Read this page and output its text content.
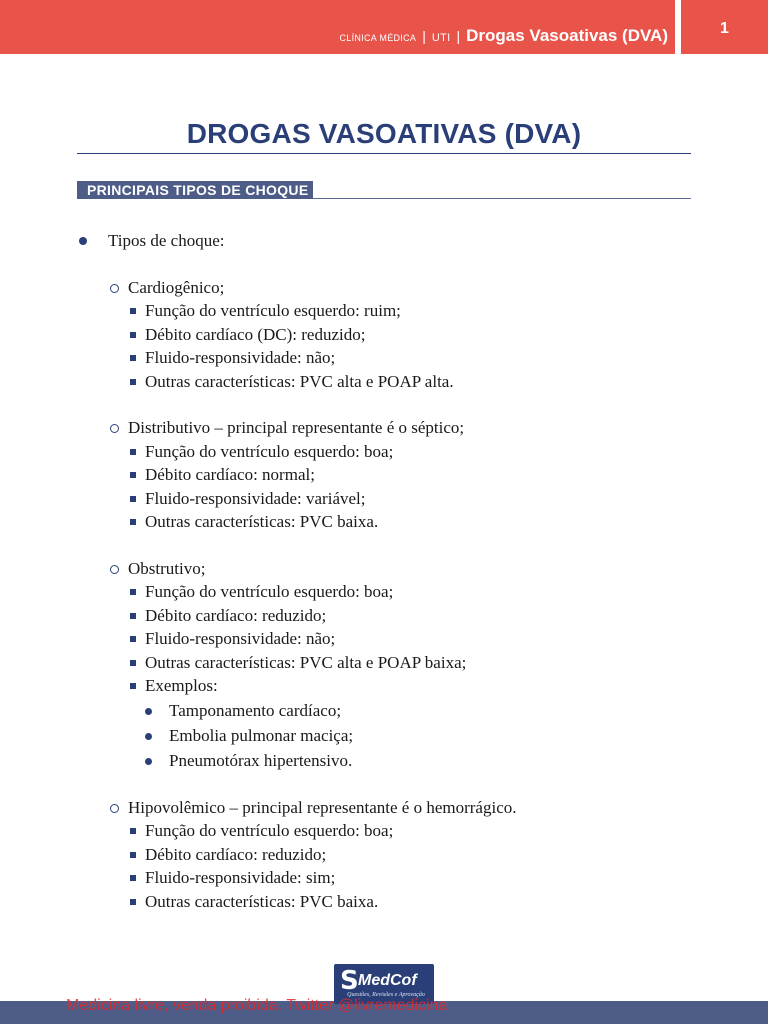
CLÍNICA MÉDICA | UTI | Drogas Vasoativas (DVA)	1
DROGAS VASOATIVAS (DVA)
PRINCIPAIS TIPOS DE CHOQUE
Tipos de choque:
Cardiogênico;
Função do ventrículo esquerdo: ruim;
Débito cardíaco (DC): reduzido;
Fluido-responsividade: não;
Outras características: PVC alta e POAP alta.
Distributivo – principal representante é o séptico;
Função do ventrículo esquerdo: boa;
Débito cardíaco: normal;
Fluido-responsividade: variável;
Outras características: PVC baixa.
Obstrutivo;
Função do ventrículo esquerdo: boa;
Débito cardíaco: reduzido;
Fluido-responsividade: não;
Outras características: PVC alta e POAP baixa;
Exemplos:
Tamponamento cardíaco;
Embolia pulmonar maciça;
Pneumotórax hipertensivo.
Hipovolêmico – principal representante é o hemorrágico.
Função do ventrículo esquerdo: boa;
Débito cardíaco: reduzido;
Fluido-responsividade: sim;
Outras características: PVC baixa.
S MedCof
Questões, Revisões e Aprovação
Medicina livre, venda proibida. Twitter @livremedicina
